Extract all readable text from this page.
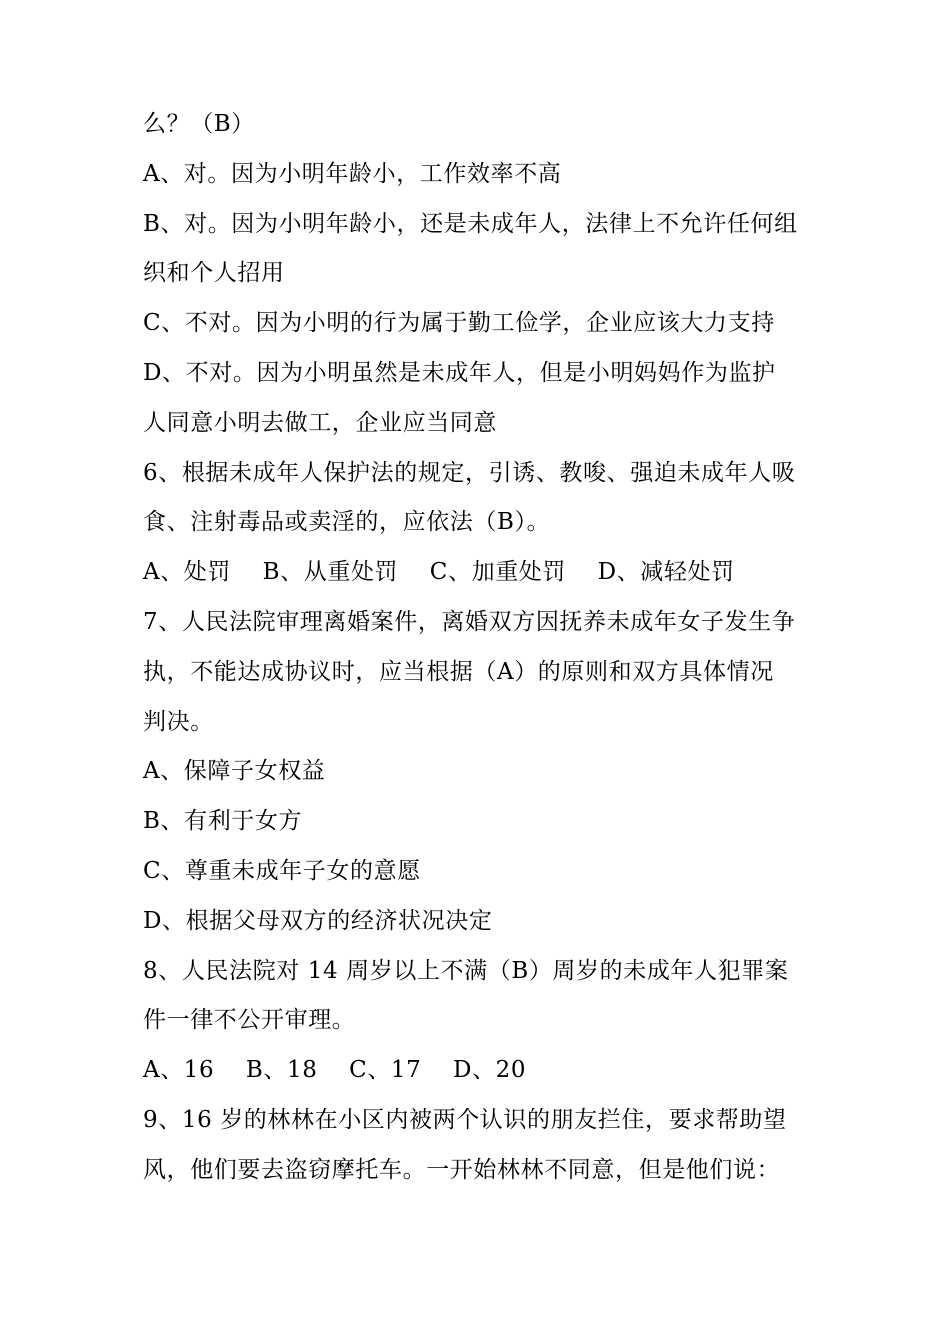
么？（B）
A、对。因为小明年龄小，工作效率不高
B、对。因为小明年龄小，还是未成年人，法律上不允许任何组
织和个人招用
C、不对。因为小明的行为属于勤工俭学，企业应该大力支持
D、不对。因为小明虽然是未成年人，但是小明妈妈作为监护
人同意小明去做工，企业应当同意
6、根据未成年人保护法的规定，引诱、教唆、强迫未成年人吸
食、注射毒品或卖淫的，应依法（B）。
A、处罚    B、从重处罚    C、加重处罚    D、减轻处罚
7、人民法院审理离婚案件，离婚双方因抚养未成年女子发生争
执，不能达成协议时，应当根据（A）的原则和双方具体情况
判决。
A、保障子女权益
B、有利于女方
C、尊重未成年子女的意愿
D、根据父母双方的经济状况决定
8、人民法院对 14 周岁以上不满（B）周岁的未成年人犯罪案
件一律不公开审理。
A、16    B、18    C、17    D、20
9、16 岁的林林在小区内被两个认识的朋友拦住，要求帮助望
风，他们要去盗窃摩托车。一开始林林不同意，但是他们说：
